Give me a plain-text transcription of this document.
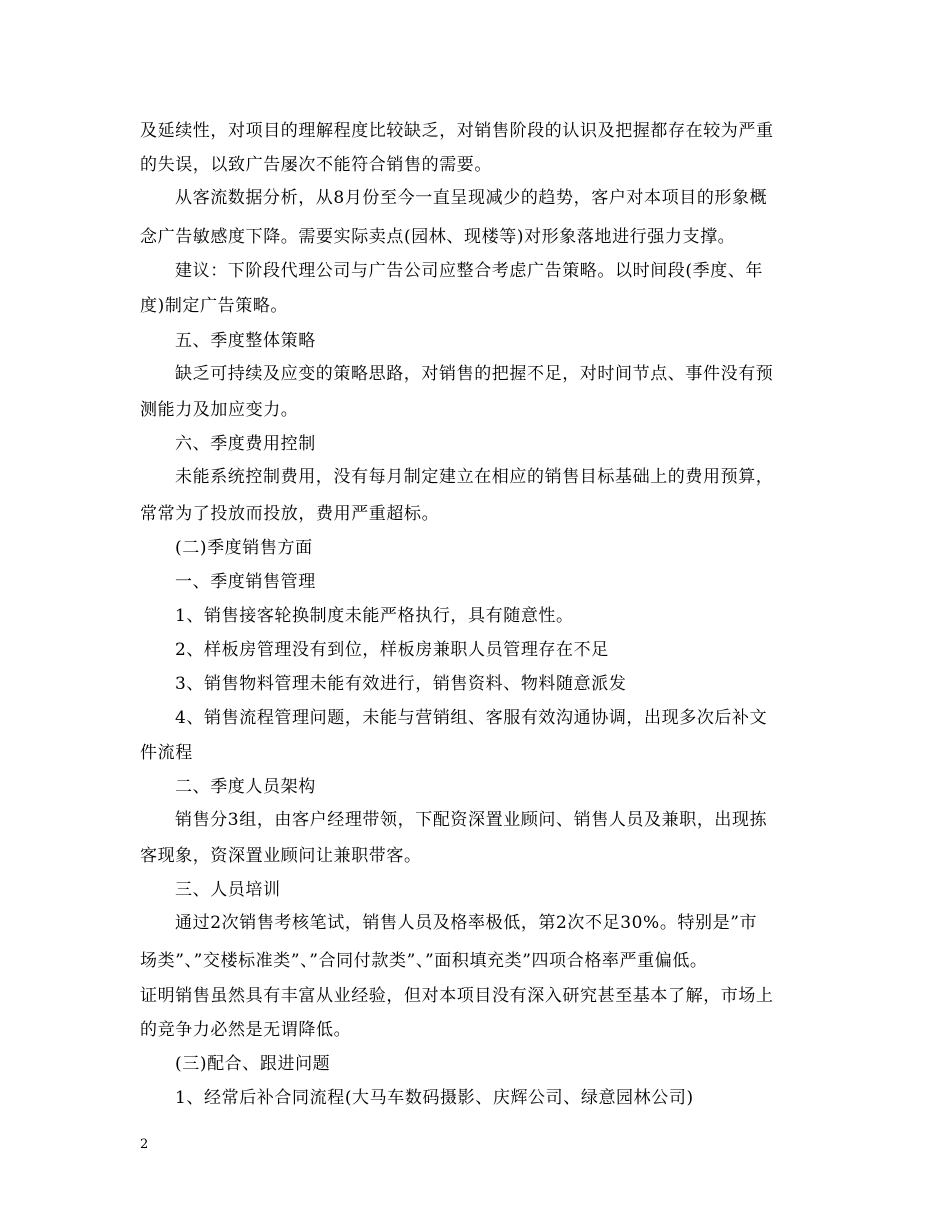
及延续性，对项目的理解程度比较缺乏，对销售阶段的认识及把握都存在较为严重
的失误，以致广告屡次不能符合销售的需要。
从客流数据分析，从8月份至今一直呈现减少的趋势，客户对本项目的形象概
念广告敏感度下降。需要实际卖点(园林、现楼等)对形象落地进行强力支撑。
建议：下阶段代理公司与广告公司应整合考虑广告策略。以时间段(季度、年
度)制定广告策略。
五、季度整体策略
缺乏可持续及应变的策略思路，对销售的把握不足，对时间节点、事件没有预
测能力及加应变力。
六、季度费用控制
未能系统控制费用，没有每月制定建立在相应的销售目标基础上的费用预算，
常常为了投放而投放，费用严重超标。
(二)季度销售方面
一、季度销售管理
1、销售接客轮换制度未能严格执行，具有随意性。
2、样板房管理没有到位，样板房兼职人员管理存在不足
3、销售物料管理未能有效进行，销售资料、物料随意派发
4、销售流程管理问题，未能与营销组、客服有效沟通协调，出现多次后补文
件流程
二、季度人员架构
销售分3组，由客户经理带领，下配资深置业顾问、销售人员及兼职，出现拣
客现象，资深置业顾问让兼职带客。
三、人员培训
通过2次销售考核笔试，销售人员及格率极低，第2次不足30%。特别是”市
场类”、”交楼标准类”、”合同付款类”、”面积填充类”四项合格率严重偏低。
证明销售虽然具有丰富从业经验，但对本项目没有深入研究甚至基本了解，市场上
的竞争力必然是无谓降低。
(三)配合、跟进问题
1、经常后补合同流程(大马车数码摄影、庆辉公司、绿意园林公司)
2
